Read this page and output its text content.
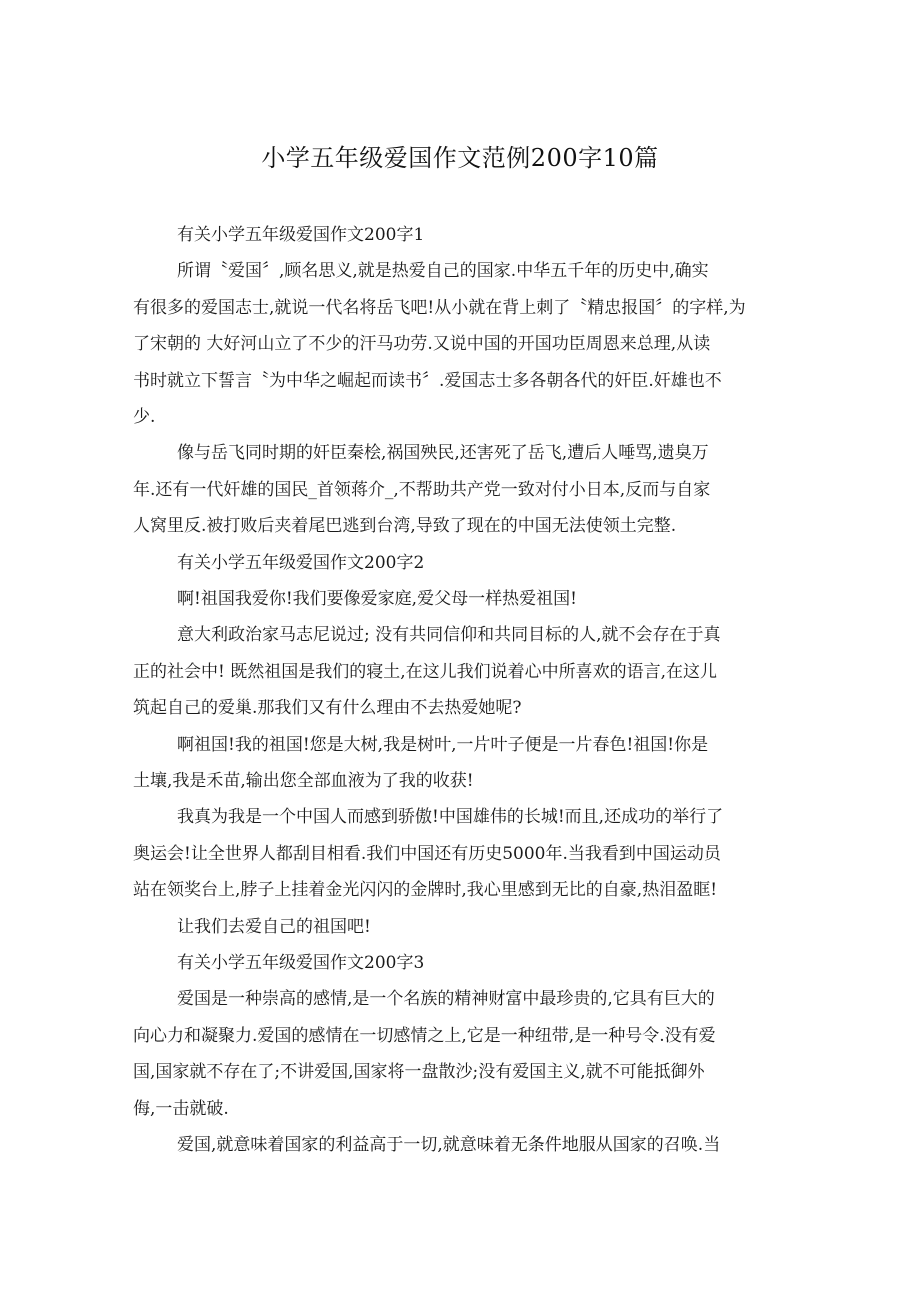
小学五年级爱国作文范例200字10篇
有关小学五年级爱国作文200字1
所谓〝爱国〞,顾名思义,就是热爱自己的国家.中华五千年的历史中,确实
有很多的爱国志士,就说一代名将岳飞吧!从小就在背上刺了〝精忠报国〞的字样,为
了宋朝的 大好河山立了不少的汗马功劳.又说中国的开国功臣周恩来总理,从读
书时就立下誓言〝为中华之崛起而读书〞.爱国志士多各朝各代的奸臣.奸雄也不
少.
像与岳飞同时期的奸臣秦桧,祸国殃民,还害死了岳飞,遭后人唾骂,遗臭万
年.还有一代奸雄的国民_首领蒋介_,不帮助共产党一致对付小日本,反而与自家
人窝里反.被打败后夹着尾巴逃到台湾,导致了现在的中国无法使领土完整.
有关小学五年级爱国作文200字2
啊!祖国我爱你!我们要像爱家庭,爱父母一样热爱祖国!
意大利政治家马志尼说过; 没有共同信仰和共同目标的人,就不会存在于真
正的社会中! 既然祖国是我们的寝土,在这儿我们说着心中所喜欢的语言,在这儿
筑起自己的爱巢.那我们又有什么理由不去热爱她呢?
啊祖国!我的祖国!您是大树,我是树叶,一片叶子便是一片春色!祖国!你是
土壤,我是禾苗,输出您全部血液为了我的收获!
我真为我是一个中国人而感到骄傲!中国雄伟的长城!而且,还成功的举行了
奥运会!让全世界人都刮目相看.我们中国还有历史5000年.当我看到中国运动员
站在领奖台上,脖子上挂着金光闪闪的金牌时,我心里感到无比的自豪,热泪盈眶!
让我们去爱自己的祖国吧!
有关小学五年级爱国作文200字3
爱国是一种崇高的感情,是一个名族的精神财富中最珍贵的,它具有巨大的
向心力和凝聚力.爱国的感情在一切感情之上,它是一种纽带,是一种号令.没有爱
国,国家就不存在了;不讲爱国,国家将一盘散沙;没有爱国主义,就不可能抵御外
侮,一击就破.
爱国,就意味着国家的利益高于一切,就意味着无条件地服从国家的召唤.当
